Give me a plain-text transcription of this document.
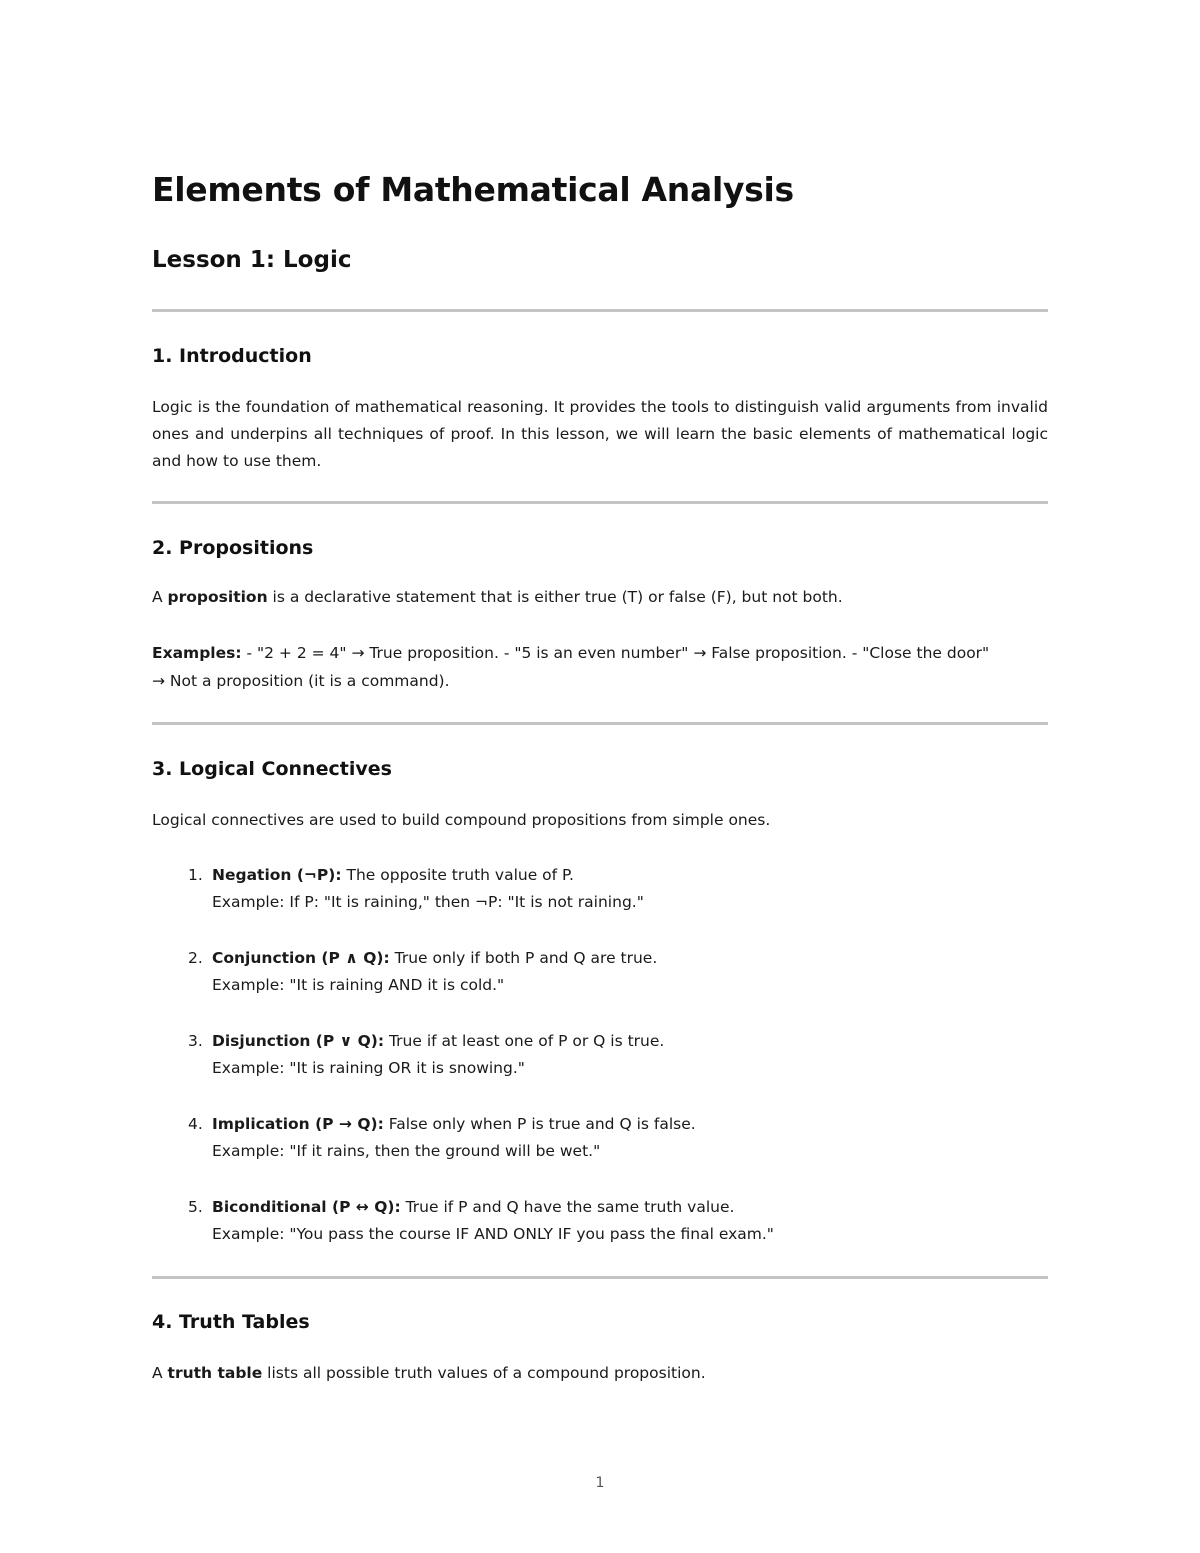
Elements of Mathematical Analysis
Lesson 1: Logic
1. Introduction

Logic is the foundation of mathematical reasoning. It provides the tools to distinguish valid arguments from invalid ones and underpins all techniques of proof. In this lesson, we will learn the basic elements of mathematical logic and how to use them.

2. Propositions

A proposition is a declarative statement that is either true (T) or false (F), but not both.

Examples: - "2 + 2 = 4" → True proposition. - "5 is an even number" → False proposition. - "Close the door"

→ Not a proposition (it is a command).

3. Logical Connectives

Logical connectives are used to build compound propositions from simple ones.

1. Negation (¬P): The opposite truth value of P.
Example: If P: "It is raining," then ¬P: "It is not raining."
2. Conjunction (P ∧ Q): True only if both P and Q are true.
Example: "It is raining AND it is cold."
3. Disjunction (P ∨ Q): True if at least one of P or Q is true.
Example: "It is raining OR it is snowing."
4. Implication (P → Q): False only when P is true and Q is false.
Example: "If it rains, then the ground will be wet."
5. Biconditional (P ↔ Q): True if P and Q have the same truth value.
Example: "You pass the course IF AND ONLY IF you pass the final exam."
4. Truth Tables

A truth table lists all possible truth values of a compound proposition.

1
